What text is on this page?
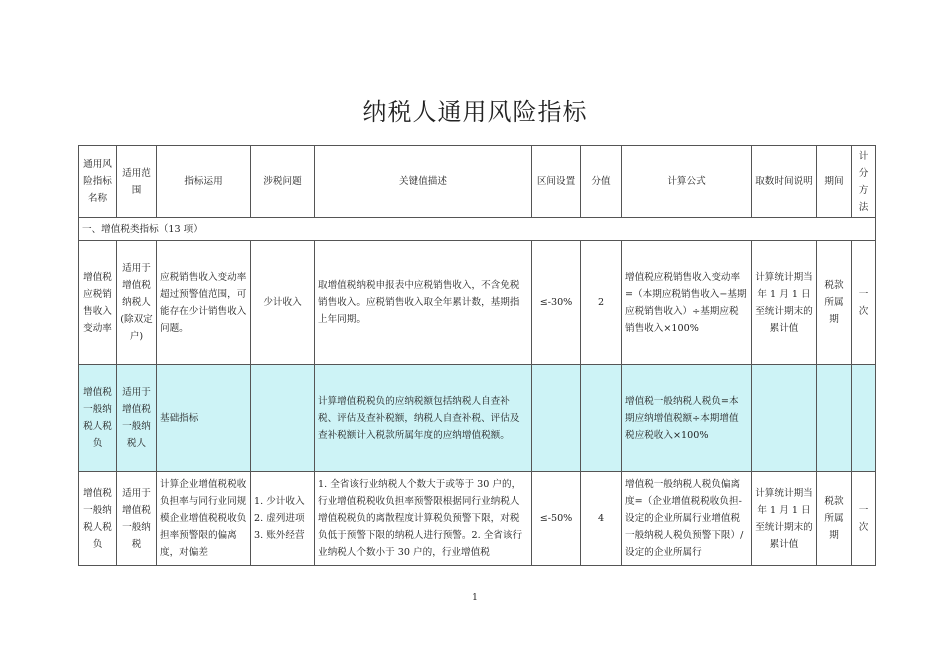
纳税人通用风险指标
通用风险指标名称	适用范围	指标运用	涉税问题	关键值描述	区间设置	分值	计算公式	取数时间说明	期间	计分方法
一、增值税类指标（13 项）										
增值税应税销售收入变动率	适用于增值税纳税人(除双定户)	应税销售收入变动率超过预警值范围，可能存在少计销售收入问题。	少计收入	取增值税纳税申报表中应税销售收入，不含免税销售收入。应税销售收入取全年累计数，基期指上年同期。	≤-30%	2	增值税应税销售收入变动率=（本期应税销售收入−基期应税销售收入）÷基期应税销售收入×100%	计算统计期当年 1 月 1 日至统计期末的累计值	税款所属期	一次
增值税一般纳税人税负	适用于增值税一般纳税人	基础指标		计算增值税税负的应纳税额包括纳税人自查补税、评估及查补税额，纳税人自查补税、评估及查补税额计入税款所属年度的应纳增值税额。			增值税一般纳税人税负=本期应纳增值税额÷本期增值税应税收入×100%			
增值税一般纳税人税负	适用于增值税一般纳税	计算企业增值税税收负担率与同行业同规模企业增值税税收负担率预警限的偏离度，对偏差	1. 少计收入
2. 虚列进项
3. 账外经营	1. 全省该行业纳税人个数大于或等于 30 户的，行业增值税税收负担率预警限根据同行业纳税人增值税税负的离散程度计算税负预警下限，对税负低于预警下限的纳税人进行预警。2. 全省该行业纳税人个数小于 30 户的，行业增值税	≤-50%	4	增值税一般纳税人税负偏离度=（企业增值税税收负担-设定的企业所属行业增值税一般纳税人税负预警下限）/设定的企业所属行	计算统计期当年 1 月 1 日至统计期末的累计值	税款所属期	一次
1
